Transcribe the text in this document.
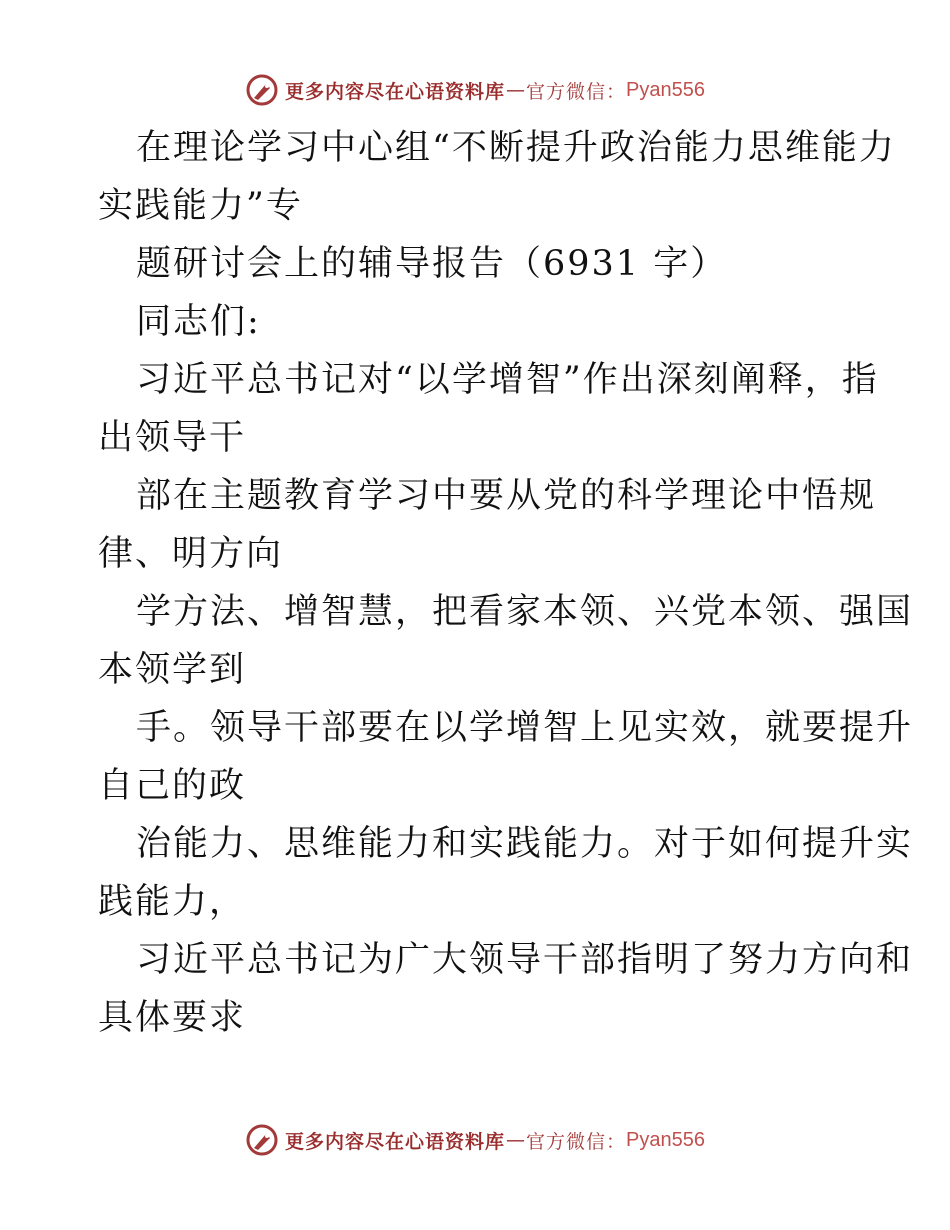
更多内容尽在心语资料库 — 官方微信： Pyan556
在理论学习中心组“不断提升政治能力思维能力
实践能力”专
题研讨会上的辅导报告（6931 字）
同志们:
习近平总书记对“以学增智”作出深刻阐释，指
出领导干
部在主题教育学习中要从党的科学理论中悟规
律、明方向
学方法、增智慧，把看家本领、兴党本领、强国
本领学到
手。领导干部要在以学增智上见实效，就要提升
自己的政
治能力、思维能力和实践能力。对于如何提升实
践能力，
习近平总书记为广大领导干部指明了努力方向和
具体要求
更多内容尽在心语资料库 — 官方微信： Pyan556
